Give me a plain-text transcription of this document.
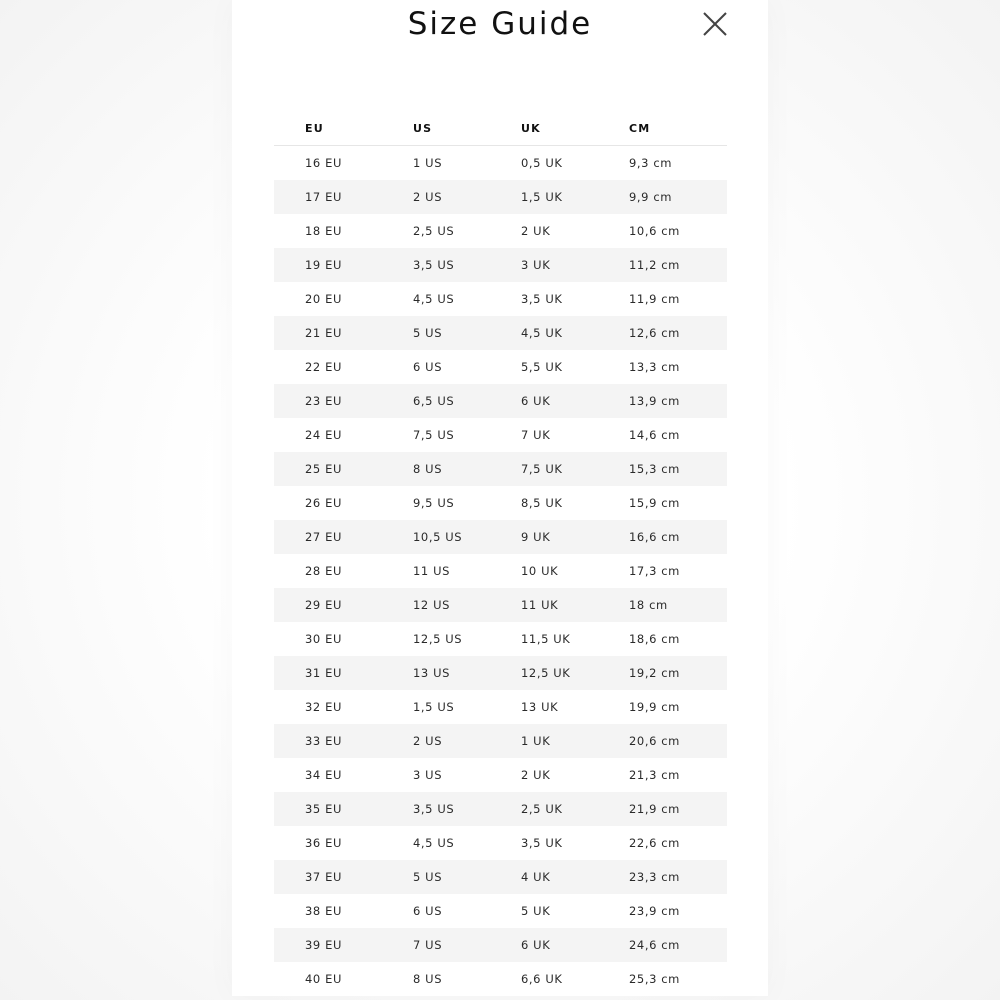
Size Guide
EU	US	UK	CM
16 EU	1 US	0,5 UK	9,3 cm
17 EU	2 US	1,5 UK	9,9 cm
18 EU	2,5 US	2 UK	10,6 cm
19 EU	3,5 US	3 UK	11,2 cm
20 EU	4,5 US	3,5 UK	11,9 cm
21 EU	5 US	4,5 UK	12,6 cm
22 EU	6 US	5,5 UK	13,3 cm
23 EU	6,5 US	6 UK	13,9 cm
24 EU	7,5 US	7 UK	14,6 cm
25 EU	8 US	7,5 UK	15,3 cm
26 EU	9,5 US	8,5 UK	15,9 cm
27 EU	10,5 US	9 UK	16,6 cm
28 EU	11 US	10 UK	17,3 cm
29 EU	12 US	11 UK	18 cm
30 EU	12,5 US	11,5 UK	18,6 cm
31 EU	13 US	12,5 UK	19,2 cm
32 EU	1,5 US	13 UK	19,9 cm
33 EU	2 US	1 UK	20,6 cm
34 EU	3 US	2 UK	21,3 cm
35 EU	3,5 US	2,5 UK	21,9 cm
36 EU	4,5 US	3,5 UK	22,6 cm
37 EU	5 US	4 UK	23,3 cm
38 EU	6 US	5 UK	23,9 cm
39 EU	7 US	6 UK	24,6 cm
40 EU	8 US	6,6 UK	25,3 cm
